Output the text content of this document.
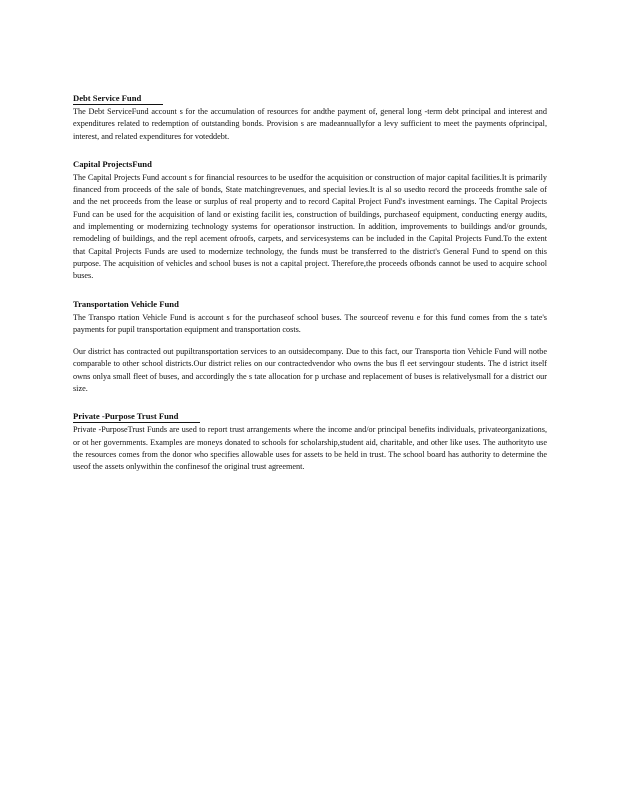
Debt Service Fund

The Debt ServiceFund account s for the accumulation of resources for andthe payment of, general long -term debt principal and interest and expenditures related to redemption of outstanding bonds. Provision s are madeannuallyfor a levy sufficient to meet the payments ofprincipal, interest, and related expenditures for voteddebt.

Capital ProjectsFund

The Capital Projects Fund account s for financial resources to be usedfor the acquisition or construction of major capital facilities.It is primarily financed from proceeds of the sale of bonds, State matchingrevenues, and special levies.It is al so usedto record the proceeds fromthe sale of and the net proceeds from the lease or surplus of real property and to record Capital Project Fund's investment earnings. The Capital Projects Fund can be used for the acquisition of land or existing facilit ies, construction of buildings, purchaseof equipment, conducting energy audits, and implementing or modernizing technology systems for operationsor instruction. In addition, improvements to buildings and/or grounds, remodeling of buildings, and the repl acement ofroofs, carpets, and servicesystems can be included in the Capital Projects Fund.To the extent that Capital Projects Funds are used to modernize technology, the funds must be transferred to the district's General Fund to spend on this purpose. The acquisition of vehicles and school buses is not a capital project. Therefore,the proceeds ofbonds cannot be used to acquire school buses.

Transportation Vehicle Fund

The Transpo rtation Vehicle Fund is account s for the purchaseof school buses. The sourceof revenu e for this fund comes from the s tate's payments for pupil transportation equipment and transportation costs.

Our district has contracted out pupiltransportation services to an outsidecompany. Due to this fact, our Transporta tion Vehicle Fund will notbe comparable to other school districts.Our district relies on our contractedvendor who owns the bus fl eet servingour students. The d istrict itself owns onlya small fleet of buses, and accordingly the s tate allocation for p urchase and replacement of buses is relativelysmall for a district our size.

Private -Purpose Trust Fund

Private -PurposeTrust Funds are used to report trust arrangements where the income and/or principal benefits individuals, privateorganizations, or ot her governments. Examples are moneys donated to schools for scholarship,student aid, charitable, and other like uses. The authorityto use the resources comes from the donor who specifies allowable uses for assets to be held in trust. The school board has authority to determine the useof the assets onlywithin the confinesof the original trust agreement.
